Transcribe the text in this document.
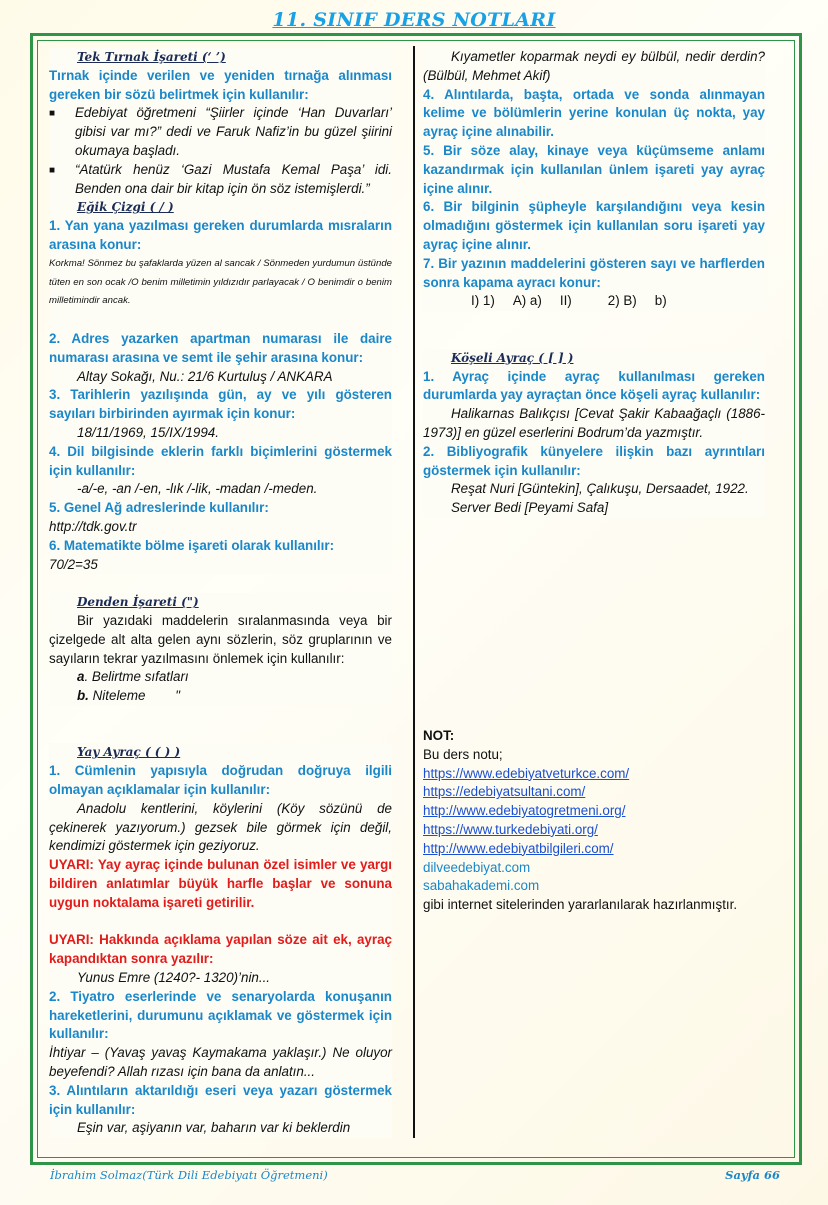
11. SINIF DERS NOTLARI

Tek Tırnak İşareti (‘ ’)

Tırnak içinde verilen ve yeniden tırnağa alınması gereken bir sözü belirtmek için kullanılır:

■	Edebiyat öğretmeni “Şiirler içinde ‘Han Duvarları’ gibisi var mı?” dedi ve Faruk Nafiz’in bu güzel şiirini okumaya başladı.
■	“Atatürk henüz ‘Gazi Mustafa Kemal Paşa’ idi. Benden ona dair bir kitap için ön söz istemişlerdi.”

Eğik Çizgi ( / )

1. Yan yana yazılması gereken durumlarda mısraların arasına konur:

Korkma! Sönmez bu şafaklarda yüzen al sancak / Sönmeden yurdumun üstünde tüten en son ocak /O benim milletimin yıldızıdır parlayacak / O benimdir o benim milletimindir ancak.

2. Adres yazarken apartman numarası ile daire numarası arasına ve semt ile şehir arasına konur:

Altay Sokağı, Nu.: 21/6 Kurtuluş / ANKARA

3. Tarihlerin yazılışında gün, ay ve yılı gösteren sayıları birbirinden ayırmak için konur:

18/11/1969, 15/IX/1994.

4. Dil bilgisinde eklerin farklı biçimlerini göstermek için kullanılır:

-a/-e, -an /-en, -lık /-lik, -madan /-meden.

5. Genel Ağ adreslerinde kullanılır:

http://tdk.gov.tr

6. Matematikte bölme işareti olarak kullanılır:

70/2=35

Denden İşareti (")

Bir yazıdaki maddelerin sıralanmasında veya bir çizelgede alt alta gelen aynı sözlerin, söz gruplarının ve sayıların tekrar yazılmasını önlemek için kullanılır:

a. Belirtme sıfatları

b. Niteleme        "

Yay Ayraç ( ( ) )

1. Cümlenin yapısıyla doğrudan doğruya ilgili olmayan açıklamalar için kullanılır:

Anadolu kentlerini, köylerini (Köy sözünü de çekinerek yazıyorum.) gezsek bile görmek için değil, kendimizi göstermek için geziyoruz.

UYARI: Yay ayraç içinde bulunan özel isimler ve yargı bildiren anlatımlar büyük harfle başlar ve sonuna uygun noktalama işareti getirilir.

UYARI: Hakkında açıklama yapılan söze ait ek, ayraç kapandıktan sonra yazılır:

Yunus Emre (1240?- 1320)’nin...

2. Tiyatro eserlerinde ve senaryolarda konuşanın hareketlerini, durumunu açıklamak ve göstermek için kullanılır:

İhtiyar – (Yavaş yavaş Kaymakama yaklaşır.) Ne oluyor beyefendi? Allah rızası için bana da anlatın...

3. Alıntıların aktarıldığı eseri veya yazarı göstermek için kullanılır:

Eşin var, aşiyanın var, baharın var ki beklerdin

Kıyametler koparmak neydi ey bülbül, nedir derdin? (Bülbül, Mehmet Akif)

4. Alıntılarda, başta, ortada ve sonda alınmayan kelime ve bölümlerin yerine konulan üç nokta, yay ayraç içine alınabilir.

5. Bir söze alay, kinaye veya küçümseme anlamı kazandırmak için kullanılan ünlem işareti yay ayraç içine alınır.

6. Bir bilginin şüpheyle karşılandığını veya kesin olmadığını göstermek için kullanılan soru işareti yay ayraç içine alınır.

7. Bir yazının maddelerini gösteren sayı ve harflerden sonra kapama ayracı konur:

I) 1) A) a) II)	2) B) b)

Köşeli Ayraç ( [ ] )

1. Ayraç içinde ayraç kullanılması gereken durumlarda yay ayraçtan önce köşeli ayraç kullanılır:

Halikarnas Balıkçısı [Cevat Şakir Kabaağaçlı (1886-1973)] en güzel eserlerini Bodrum’da yazmıştır.

2. Bibliyografik künyelere ilişkin bazı ayrıntıları göstermek için kullanılır:

Reşat Nuri [Güntekin], Çalıkuşu, Dersaadet, 1922.

Server Bedi [Peyami Safa]

NOT:

Bu ders notu;

https://www.edebiyatveturkce.com/
https://edebiyatsultani.com/
http://www.edebiyatogretmeni.org/
https://www.turkedebiyati.org/
http://www.edebiyatbilgileri.com/
dilveedebiyat.com
sabahakademi.com

gibi internet sitelerinden yararlanılarak hazırlanmıştır.

İbrahim Solmaz(Türk Dili Edebiyatı Öğretmeni)	Sayfa 66
